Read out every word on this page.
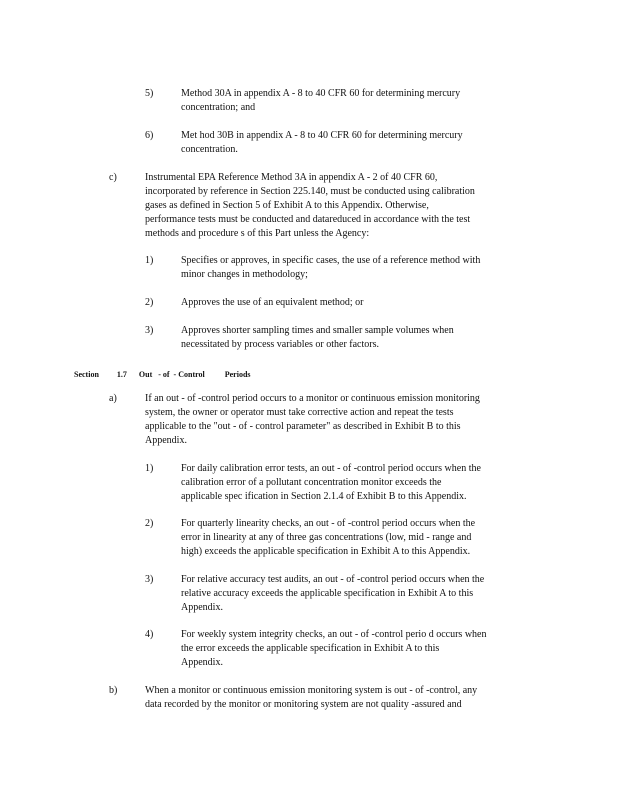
5)	Method 30A in appendix A - 8 to 40 CFR 60 for determining mercury
concentration; and
6)	Met hod 30B in appendix A - 8 to 40 CFR 60 for determining mercury
concentration.
c)	Instrumental EPA Reference Method 3A in appendix A - 2 of 40 CFR 60,
incorporated by reference in Section 225.140, must be conducted using calibration
gases as defined in Section 5 of Exhibit A to this Appendix. Otherwise,
performance tests must be conducted and datareduced in accordance with the test
methods and procedure s of this Part unless the Agency:
1)	Specifies or approves, in specific cases, the use of a reference method with
minor changes in methodology;
2)	Approves the use of an equivalent method; or
3)	Approves shorter sampling times and smaller sample volumes when
necessitated by process variables or other factors.
Section 1.7 Out   - of  - Control          Periods
a)	If an out - of -control period occurs to a monitor or continuous emission monitoring
system, the owner or operator must take corrective action and repeat the tests
applicable to the "out - of - control parameter" as described in Exhibit B to this
Appendix.
1)	For daily calibration error tests, an out - of -control period occurs when the
calibration error of a pollutant concentration monitor exceeds the
applicable spec ification in Section 2.1.4 of Exhibit B to this Appendix.
2)	For quarterly linearity checks, an out - of -control period occurs when the
error in linearity at any of three gas concentrations (low, mid - range and
high) exceeds the applicable specification in Exhibit A to this Appendix.
3)	For relative accuracy test audits, an out - of -control period occurs when the
relative accuracy exceeds the applicable specification in Exhibit A to this
Appendix.
4)	For weekly system integrity checks, an out - of -control perio d occurs when
the error exceeds the applicable specification in Exhibit A to this
Appendix.
b)	When a monitor or continuous emission monitoring system is out - of -control, any
data recorded by the monitor or monitoring system are not quality -assured and
